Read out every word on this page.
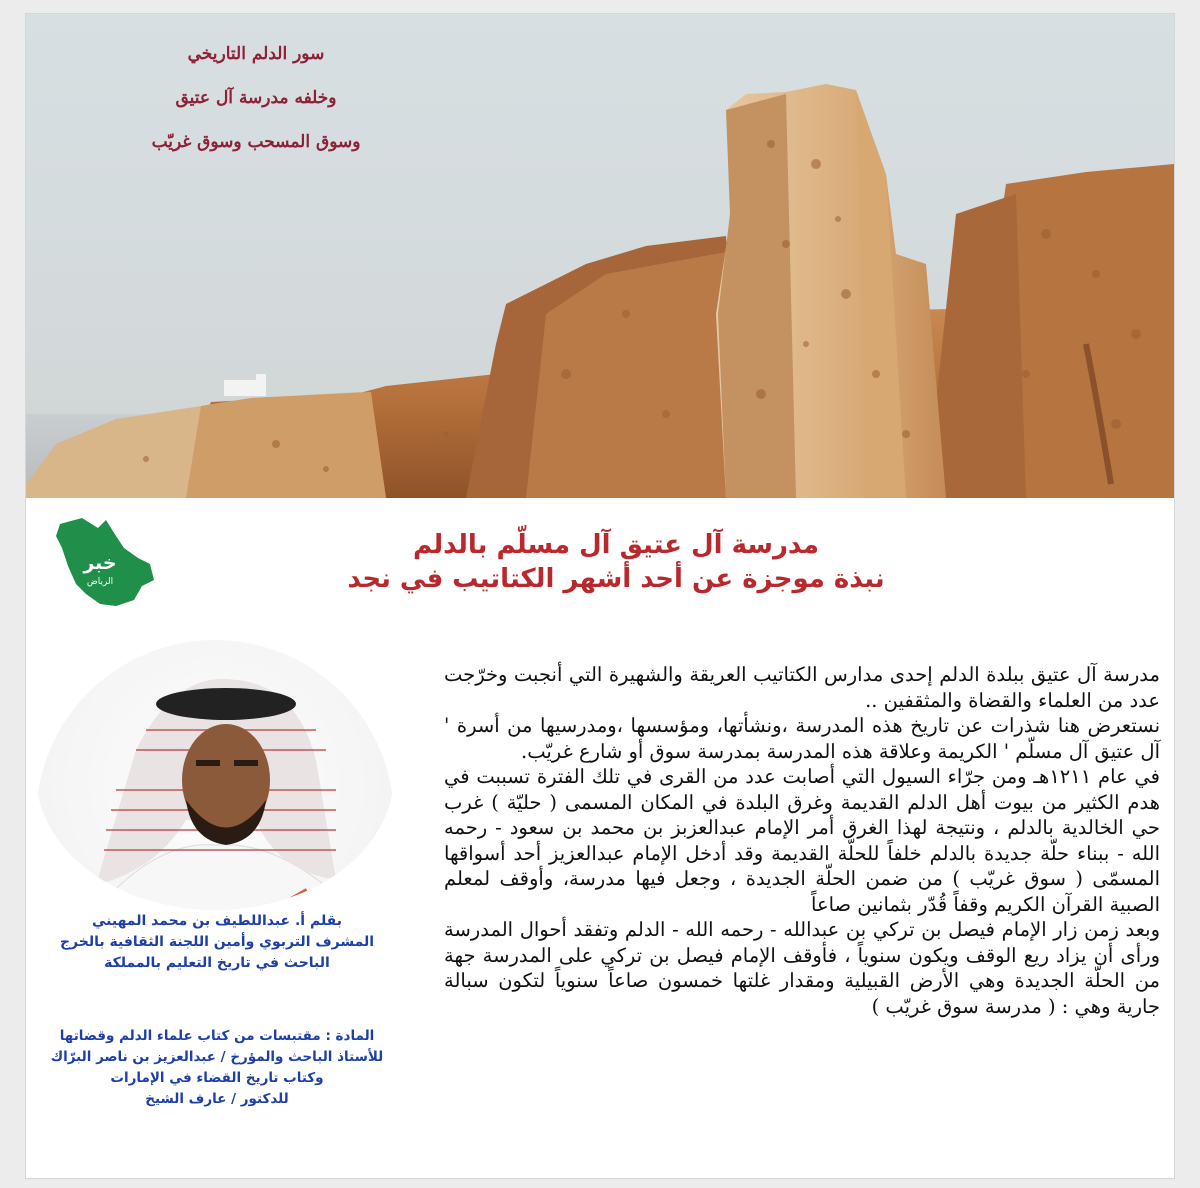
سور الدلم التاريخي
وخلفه مدرسة آل عتيق
وسوق المسحب وسوق غريّب
خبر
الرياض
مدرسة آل عتيق آل مسلّم بالدلم
نبذة موجزة عن أحد أشهر الكتاتيب في نجد
بقلم أ. عبداللطيف بن محمد المهيني
المشرف التربوي وأمين اللجنة الثقافية بالخرج
الباحث في تاريخ التعليم بالمملكة
المادة : مقتبسات من كتاب علماء الدلم وقضاتها
للأستاذ الباحث والمؤرخ / عبدالعزيز بن ناصر البرّاك
وكتاب تاريخ القضاء في الإمارات
للدكتور / عارف الشيخ

مدرسة آل عتيق ببلدة الدلم إحدى مدارس الكتاتيب العريقة والشهيرة التي أنجبت وخرّجت عدد من العلماء والقضاة والمثقفين ..

نستعرض هنا شذرات عن تاريخ هذه المدرسة ،ونشأتها، ومؤسسها ،ومدرسيها من أسرة ' آل عتيق آل مسلّم ' الكريمة وعلاقة هذه المدرسة بمدرسة سوق أو شارع غريّب.

في عام ١٢١١هـ ومن جرّاء السيول التي أصابت عدد من القرى في تلك الفترة تسببت في هدم الكثير من بيوت أهل الدلم القديمة وغرق البلدة في المكان المسمى ( حليّة ) غرب حي الخالدية بالدلم ، ونتيجة لهذا الغرق أمر الإمام عبدالعزبز بن محمد بن سعود - رحمه الله - ببناء حلّة جديدة بالدلم خلفاً للحلّة القديمة وقد أدخل الإمام عبدالعزيز أحد أسواقها المسمّى ( سوق غريّب ) من ضمن الحلّة الجديدة ، وجعل فيها مدرسة، وأوقف لمعلم الصبية القرآن الكريم وقفاً قُدّر بثمانين صاعاً

وبعد زمن زار الإمام فيصل بن تركي بن عبدالله - رحمه الله - الدلم وتفقد أحوال المدرسة ورأى أن يزاد ريع الوقف ويكون سنوياً ، فأوقف الإمام فيصل بن تركي على المدرسة جهة من الحلّة الجديدة وهي الأرض القبيلية ومقدار غلتها خمسون صاعاً سنوياً لتكون سبالة جارية وهي : ( مدرسة سوق غريّب )
